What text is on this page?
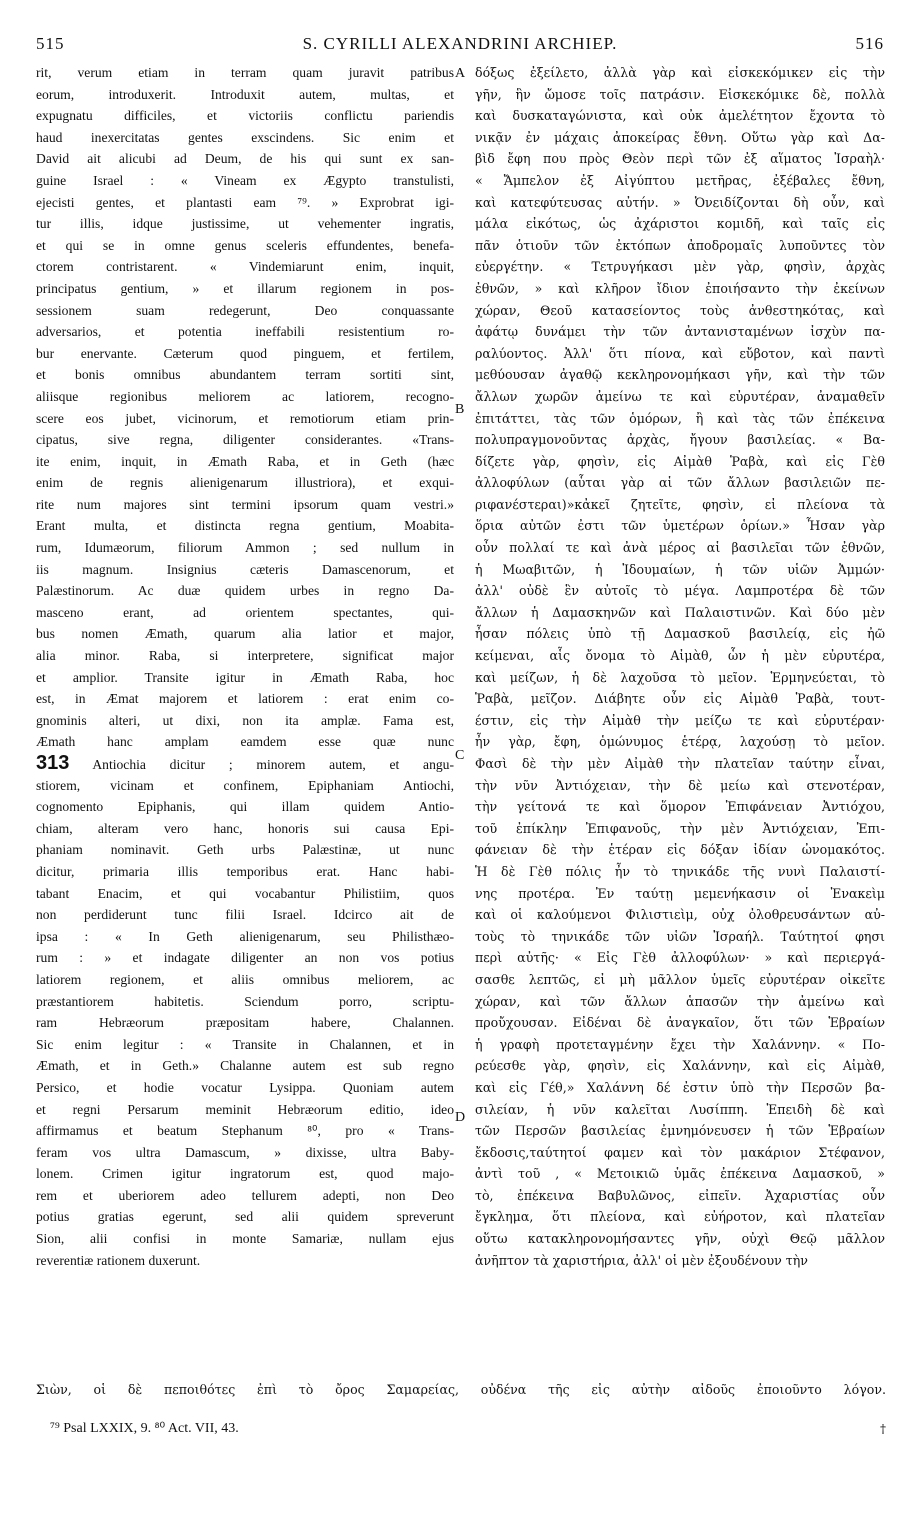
515	S. CYRILLI ALEXANDRINI ARCHIEP.	516
rit, verum etiam in terram quam juravit patribus
eorum, introduxerit. Introduxit autem, multas, et
expugnatu difficiles, et victoriis conflictu pariendis
haud inexercitatas gentes exscindens. Sic enim et
David ait alicubi ad Deum, de his qui sunt ex san-
guine Israel : « Vineam ex Ægypto transtulisti,
ejecisti gentes, et plantasti eam ⁷⁹. » Exprobrat igi-
tur illis, idque justissime, ut vehementer ingratis,
et qui se in omne genus sceleris effundentes, benefa-
ctorem contristarent. « Vindemiarunt enim, inquit,
principatus gentium, » et illarum regionem in pos-
sessionem suam redegerunt, Deo conquassante
adversarios, et potentia ineffabili resistentium ro-
bur enervante. Cæterum quod pinguem, et fertilem,
et bonis omnibus abundantem terram sortiti sint,
aliisque regionibus meliorem ac latiorem, recogno-
scere eos jubet, vicinorum, et remotiorum etiam prin-
cipatus, sive regna, diligenter considerantes. «Trans-
ite enim, inquit, in Æmath Raba, et in Geth (hæc
enim de regnis alienigenarum illustriora), et exqui-
rite num majores sint termini ipsorum quam vestri.»
Erant multa, et distincta regna gentium, Moabita-
rum, Idumæorum, filiorum Ammon ; sed nullum in
iis magnum. Insignius cæteris Damascenorum, et
Palæstinorum. Ac duæ quidem urbes in regno Da-
masceno erant, ad orientem spectantes, qui-
bus nomen Æmath, quarum alia latior et major,
alia minor. Raba, si interpretere, significat major
et amplior. Transite igitur in Æmath Raba, hoc
est, in Æmat majorem et latiorem : erat enim co-
gnominis alteri, ut dixi, non ita amplæ. Fama est,
Æmath hanc amplam eamdem esse quæ nunc
313 Antiochia dicitur ; minorem autem, et angu-
stiorem, vicinam et confinem, Epiphaniam Antiochi,
cognomento Epiphanis, qui illam quidem Antio-
chiam, alteram vero hanc, honoris sui causa Epi-
phaniam nominavit. Geth urbs Palæstinæ, ut nunc
dicitur, primaria illis temporibus erat. Hanc habi-
tabant Enacim, et qui vocabantur Philistiim, quos
non perdiderunt tunc filii Israel. Idcirco ait de
ipsa : « In Geth alienigenarum, seu Philisthæo-
rum : » et indagate diligenter an non vos potius
latiorem regionem, et aliis omnibus meliorem, ac
præstantiorem habitetis. Sciendum porro, scriptu-
ram Hebræorum præpositam habere, Chalannen.
Sic enim legitur : « Transite in Chalannen, et in
Æmath, et in Geth.» Chalanne autem est sub regno
Persico, et hodie vocatur Lysippa. Quoniam autem
et regni Persarum meminit Hebræorum editio, ideo
affirmamus et beatum Stephanum ⁸⁰, pro « Trans-
feram vos ultra Damascum, » dixisse, ultra Baby-
lonem. Crimen igitur ingratorum est, quod majo-
rem et uberiorem adeo tellurem adepti, non Deo
potius gratias egerunt, sed alii quidem spreverunt
Sion, alii confisi in monte Samariæ, nullam ejus
reverentiæ rationem duxerunt.
δόξως ἐξείλετο, ἀλλὰ γὰρ καὶ εἰσκεκόμικεν εἰς τὴν
γῆν, ἣν ὤμοσε τοῖς πατράσιν. Εἰσκεκόμικε δὲ, πολλὰ
καὶ δυσκαταγώνιστα, καὶ οὐκ ἀμελέτητον ἔχοντα τὸ
νικᾷν ἐν μάχαις ἀποκείρας ἔθνη. Οὕτω γὰρ καὶ Δα-
βὶδ ἔφη που πρὸς Θεὸν περὶ τῶν ἐξ αἵματος Ἰσραὴλ·
« Ἄμπελον ἐξ Αἰγύπτου μετῆρας, ἐξέβαλες ἔθνη,
καὶ κατεφύτευσας αὐτήν. » Ὀνειδίζονται δὴ οὖν, καὶ
μάλα εἰκότως, ὡς ἀχάριστοι κομιδῆ, καὶ ταῖς εἰς
πᾶν ὁτιοῦν τῶν ἐκτόπων ἀποδρομαῖς λυποῦντες τὸν
εὐεργέτην. « Τετρυγήκασι μὲν γὰρ, φησὶν, ἀρχὰς
ἐθνῶν, » καὶ κλῆρον ἴδιον ἐποιήσαντο τὴν ἐκείνων
χώραν, Θεοῦ κατασείοντος τοὺς ἀνθεστηκότας, καὶ
ἀφάτῳ δυνάμει τὴν τῶν ἀντανισταμένων ἰσχὺν πα-
ραλύοντος. Ἀλλ' ὅτι πίονα, καὶ εὔβοτον, καὶ παντὶ
μεθύουσαν ἀγαθῷ κεκληρονομήκασι γῆν, καὶ τὴν τῶν
ἄλλων χωρῶν ἀμείνω τε καὶ εὐρυτέραν, ἀναμαθεῖν
ἐπιτάττει, τὰς τῶν ὁμόρων, ἢ καὶ τὰς τῶν ἐπέκεινα
πολυπραγμονοῦντας ἀρχὰς, ἤγουν βασιλείας. « Βα-
δίζετε γὰρ, φησὶν, εἰς Αἰμὰθ Ῥαβὰ, καὶ εἰς Γὲθ
ἀλλοφύλων (αὗται γὰρ αἱ τῶν ἄλλων βασιλειῶν πε-
ριφανέστεραι)»κἀκεῖ ζητεῖτε, φησὶν, εἰ πλείονα τὰ
ὅρια αὐτῶν ἐστι τῶν ὑμετέρων ὁρίων.» Ἦσαν γὰρ
οὖν πολλαί τε καὶ ἀνὰ μέρος αἱ βασιλεῖαι τῶν ἐθνῶν,
ἡ Μωαβιτῶν, ἡ Ἰδουμαίων, ἡ τῶν υἱῶν Ἀμμών·
ἀλλ' οὐδὲ ἓν αὐτοῖς τὸ μέγα. Λαμπροτέρα δὲ τῶν
ἄλλων ἡ Δαμασκηνῶν καὶ Παλαιστινῶν. Καὶ δύο μὲν
ἦσαν πόλεις ὑπὸ τῇ Δαμασκοῦ βασιλείᾳ, εἰς ἠῶ
κείμεναι, αἷς ὄνομα τὸ Αἰμὰθ, ὧν ἡ μὲν εὐρυτέρα,
καὶ μείζων, ἡ δὲ λαχοῦσα τὸ μεῖον. Ἑρμηνεύεται, τὸ
Ῥαβὰ, μεῖζον. Διάβητε οὖν εἰς Αἰμὰθ Ῥαβὰ, τουτ-
έστιν, εἰς τὴν Αἰμὰθ τὴν μείζω τε καὶ εὐρυτέραν·
ἦν γὰρ, ἔφη, ὁμώνυμος ἑτέρᾳ, λαχούσῃ τὸ μεῖον.
Φασὶ δὲ τὴν μὲν Αἰμὰθ τὴν πλατεῖαν ταύτην εἶναι,
τὴν νῦν Ἀντιόχειαν, τὴν δὲ μείω καὶ στενοτέραν,
τὴν γείτονά τε καὶ ὅμορον Ἐπιφάνειαν Ἀντιόχου,
τοῦ ἐπίκλην Ἐπιφανοῦς, τὴν μὲν Ἀντιόχειαν, Ἐπι-
φάνειαν δὲ τὴν ἑτέραν εἰς δόξαν ἰδίαν ὠνομακότος.
Ἡ δὲ Γὲθ πόλις ἦν τὸ τηνικάδε τῆς νυνὶ Παλαιστί-
νης προτέρα. Ἐν ταύτῃ μεμενήκασιν οἱ Ἐνακεὶμ
καὶ οἱ καλούμενοι Φιλιστιεὶμ, οὐχ ὀλοθρευσάντων αὐ-
τοὺς τὸ τηνικάδε τῶν υἱῶν Ἰσραήλ. Ταύτητοί φησι
περὶ αὐτῆς· « Εἰς Γὲθ ἀλλοφύλων· » καὶ περιεργά-
σασθε λεπτῶς, εἰ μὴ μᾶλλον ὑμεῖς εὐρυτέραν οἰκεῖτε
χώραν, καὶ τῶν ἄλλων ἁπασῶν τὴν ἀμείνω καὶ
προὔχουσαν. Εἰδέναι δὲ ἀναγκαῖον, ὅτι τῶν Ἑβραίων
ἡ γραφὴ προτεταγμένην ἔχει τὴν Χαλάννην. « Πο-
ρεύεσθε γὰρ, φησὶν, εἰς Χαλάννην, καὶ εἰς Αἰμὰθ,
καὶ εἰς Γέθ,» Χαλάννη δέ ἐστιν ὑπὸ τὴν Περσῶν βα-
σιλείαν, ἡ νῦν καλεῖται Λυσίππη. Ἐπειδὴ δὲ καὶ
τῶν Περσῶν βασιλείας ἐμνημόνευσεν ἡ τῶν Ἑβραίων
ἔκδοσις,ταύτητοί φαμεν καὶ τὸν μακάριον Στέφανον,
ἀντὶ τοῦ , « Μετοικιῶ ὑμᾶς ἐπέκεινα Δαμασκοῦ, »
τὸ, ἐπέκεινα Βαβυλῶνος, εἰπεῖν. Ἀχαριστίας οὖν
ἔγκλημα, ὅτι πλείονα, καὶ εὐήροτον, καὶ πλατεῖαν
οὕτω κατακληρονομήσαντες γῆν, οὐχὶ Θεῷ μᾶλλον
ἀνῆπτον τὰ χαριστήρια, ἀλλ' οἱ μὲν ἐξουδένουν τὴν
A
B
C
D
Σιὼν, οἱ δὲ πεποιθότες ἐπὶ τὸ ὄρος Σαμαρείας, οὐδένα τῆς εἰς αὐτὴν αἰδοῦς ἐποιοῦντο λόγον.
⁷⁹ Psal LXXIX, 9. ⁸⁰ Act. VII, 43.	†
